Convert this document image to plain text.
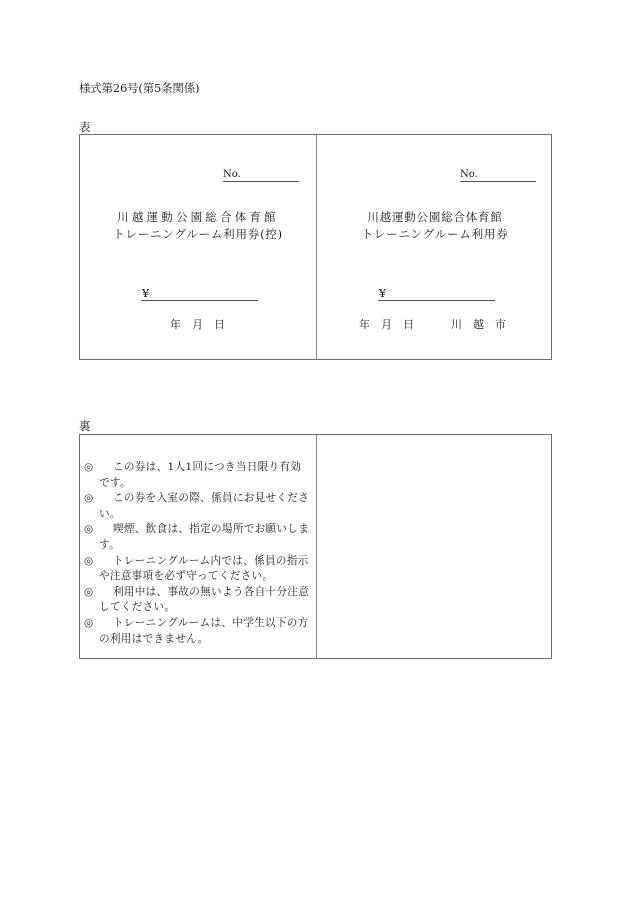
様式第26号(第5条関係)
表
No.
川越運動公園総合体育館
トレーニングルーム利用券(控)
¥
年　月　日
No.
川越運動公園総合体育館
トレーニングルーム利用券
¥
年　月　日	川　越　市
裏
◎	この券は、1人1回につき当日限り有効です。
◎	この券を入室の際、係員にお見せください。
◎	喫煙、飲食は、指定の場所でお願いします。
◎	トレーニングルーム内では、係員の指示や注意事項を必ず守ってください。
◎	利用中は、事故の無いよう各自十分注意してください。
◎	トレーニングルームは、中学生以下の方の利用はできません。
